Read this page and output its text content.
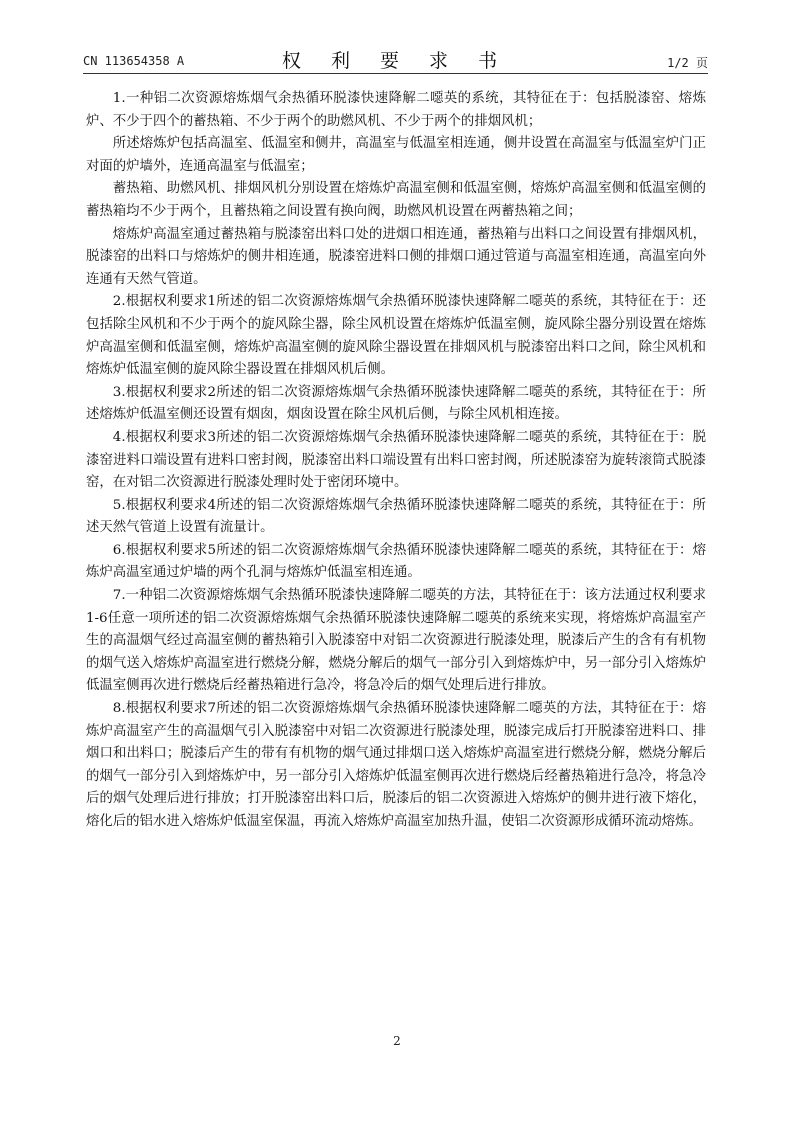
CN 113654358 A	权 利 要 求 书	1/2 页

1.一种铝二次资源熔炼烟气余热循环脱漆快速降解二噁英的系统，其特征在于：包括脱漆窑、熔炼炉、不少于四个的蓄热箱、不少于两个的助燃风机、不少于两个的排烟风机；

所述熔炼炉包括高温室、低温室和侧井，高温室与低温室相连通，侧井设置在高温室与低温室炉门正对面的炉墙外，连通高温室与低温室；

蓄热箱、助燃风机、排烟风机分别设置在熔炼炉高温室侧和低温室侧，熔炼炉高温室侧和低温室侧的蓄热箱均不少于两个，且蓄热箱之间设置有换向阀，助燃风机设置在两蓄热箱之间；

熔炼炉高温室通过蓄热箱与脱漆窑出料口处的进烟口相连通，蓄热箱与出料口之间设置有排烟风机，脱漆窑的出料口与熔炼炉的侧井相连通，脱漆窑进料口侧的排烟口通过管道与高温室相连通，高温室向外连通有天然气管道。

2.根据权利要求1所述的铝二次资源熔炼烟气余热循环脱漆快速降解二噁英的系统，其特征在于：还包括除尘风机和不少于两个的旋风除尘器，除尘风机设置在熔炼炉低温室侧，旋风除尘器分别设置在熔炼炉高温室侧和低温室侧，熔炼炉高温室侧的旋风除尘器设置在排烟风机与脱漆窑出料口之间，除尘风机和熔炼炉低温室侧的旋风除尘器设置在排烟风机后侧。

3.根据权利要求2所述的铝二次资源熔炼烟气余热循环脱漆快速降解二噁英的系统，其特征在于：所述熔炼炉低温室侧还设置有烟囱，烟囱设置在除尘风机后侧，与除尘风机相连接。

4.根据权利要求3所述的铝二次资源熔炼烟气余热循环脱漆快速降解二噁英的系统，其特征在于：脱漆窑进料口端设置有进料口密封阀，脱漆窑出料口端设置有出料口密封阀，所述脱漆窑为旋转滚筒式脱漆窑，在对铝二次资源进行脱漆处理时处于密闭环境中。

5.根据权利要求4所述的铝二次资源熔炼烟气余热循环脱漆快速降解二噁英的系统，其特征在于：所述天然气管道上设置有流量计。

6.根据权利要求5所述的铝二次资源熔炼烟气余热循环脱漆快速降解二噁英的系统，其特征在于：熔炼炉高温室通过炉墙的两个孔洞与熔炼炉低温室相连通。

7.一种铝二次资源熔炼烟气余热循环脱漆快速降解二噁英的方法，其特征在于：该方法通过权利要求1-6任意一项所述的铝二次资源熔炼烟气余热循环脱漆快速降解二噁英的系统来实现，将熔炼炉高温室产生的高温烟气经过高温室侧的蓄热箱引入脱漆窑中对铝二次资源进行脱漆处理，脱漆后产生的含有有机物的烟气送入熔炼炉高温室进行燃烧分解，燃烧分解后的烟气一部分引入到熔炼炉中，另一部分引入熔炼炉低温室侧再次进行燃烧后经蓄热箱进行急冷，将急冷后的烟气处理后进行排放。

8.根据权利要求7所述的铝二次资源熔炼烟气余热循环脱漆快速降解二噁英的方法，其特征在于：熔炼炉高温室产生的高温烟气引入脱漆窑中对铝二次资源进行脱漆处理，脱漆完成后打开脱漆窑进料口、排烟口和出料口；脱漆后产生的带有有机物的烟气通过排烟口送入熔炼炉高温室进行燃烧分解，燃烧分解后的烟气一部分引入到熔炼炉中，另一部分引入熔炼炉低温室侧再次进行燃烧后经蓄热箱进行急冷，将急冷后的烟气处理后进行排放；打开脱漆窑出料口后，脱漆后的铝二次资源进入熔炼炉的侧井进行液下熔化，熔化后的铝水进入熔炼炉低温室保温，再流入熔炼炉高温室加热升温，使铝二次资源形成循环流动熔炼。

2
